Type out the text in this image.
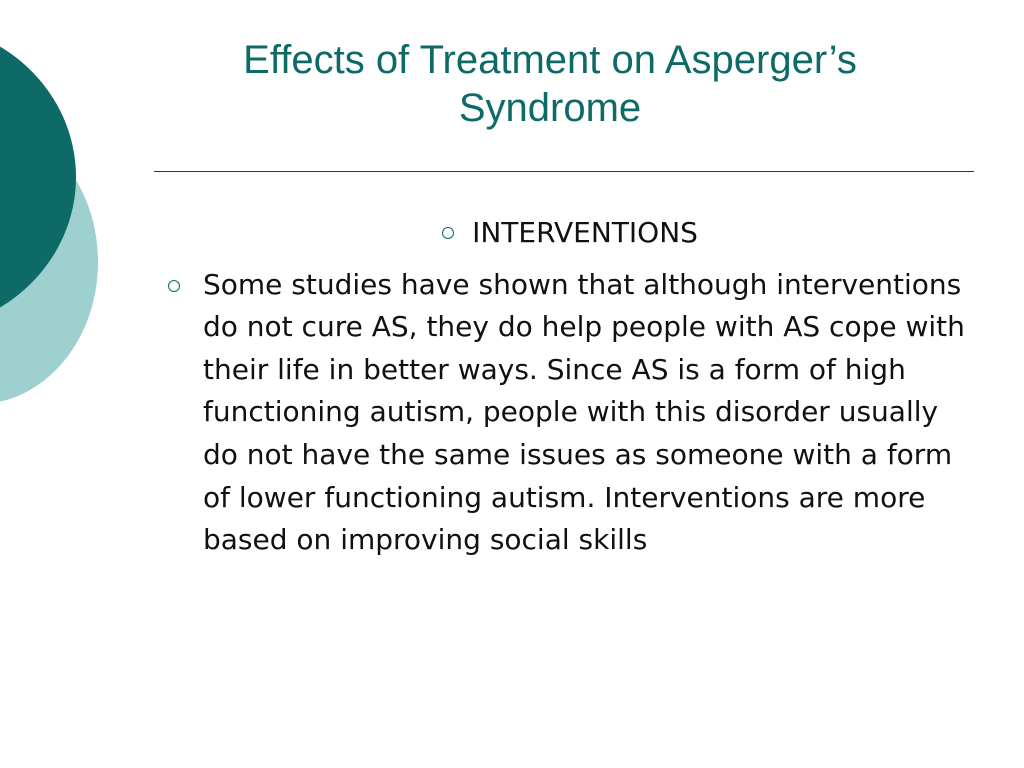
Effects of Treatment on Asperger’s Syndrome
INTERVENTIONS
Some studies have shown that although interventions do not cure AS, they do help people with AS cope with their life in better ways. Since AS is a form of high functioning autism, people with this disorder usually do not have the same issues as someone with a form of lower functioning autism. Interventions are more based on improving social skills
